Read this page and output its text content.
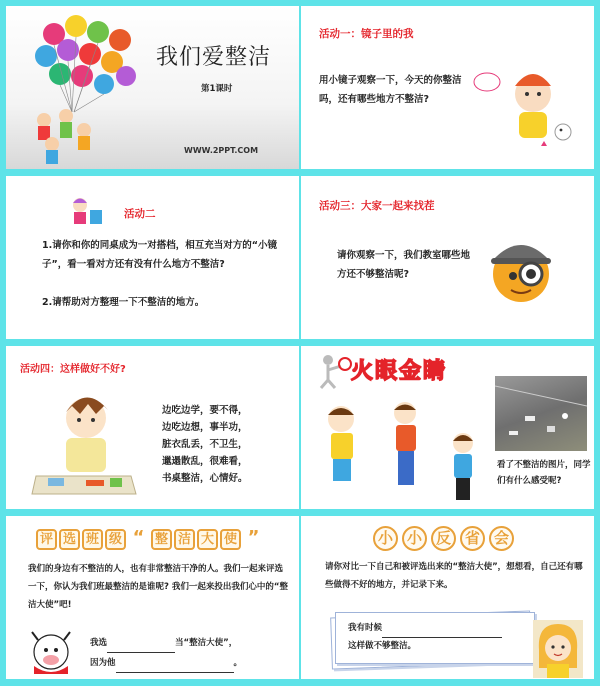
我们爱整洁
第1课时
WWW.2PPT.COM
活动一：镜子里的我
用小镜子观察一下，今天的你整洁吗，还有哪些地方不整洁?
活动二
1.请你和你的同桌成为一对搭档，相互充当对方的“小镜子”，看一看对方还有没有什么地方不整洁?
2.请帮助对方整理一下不整洁的地方。
活动三：大家一起来找茬
请你观察一下，我们教室哪些地方还不够整洁呢?
活动四：这样做好不好?
边吃边学，要不得，
边吃边想，事半功，
脏衣乱丢，不卫生，
邋遢散乱，很难看，
书桌整洁，心情好。
火眼金睛
看了不整洁的图片，同学们有什么感受呢?
评 选 班 级 “ 整 洁 大 使 ”
我们的身边有不整洁的人，也有非常整洁干净的人。我们一起来评选一下，你认为我们班最整洁的是谁呢? 我们一起来投出我们心中的“整洁大使”吧!
我选	当“整洁大使”，
因为他	。
小 小 反 省 会
请你对比一下自己和被评选出来的“整洁大使”，想想看，自己还有哪些做得不好的地方，并记录下来。
我有时候
这样做不够整洁。
